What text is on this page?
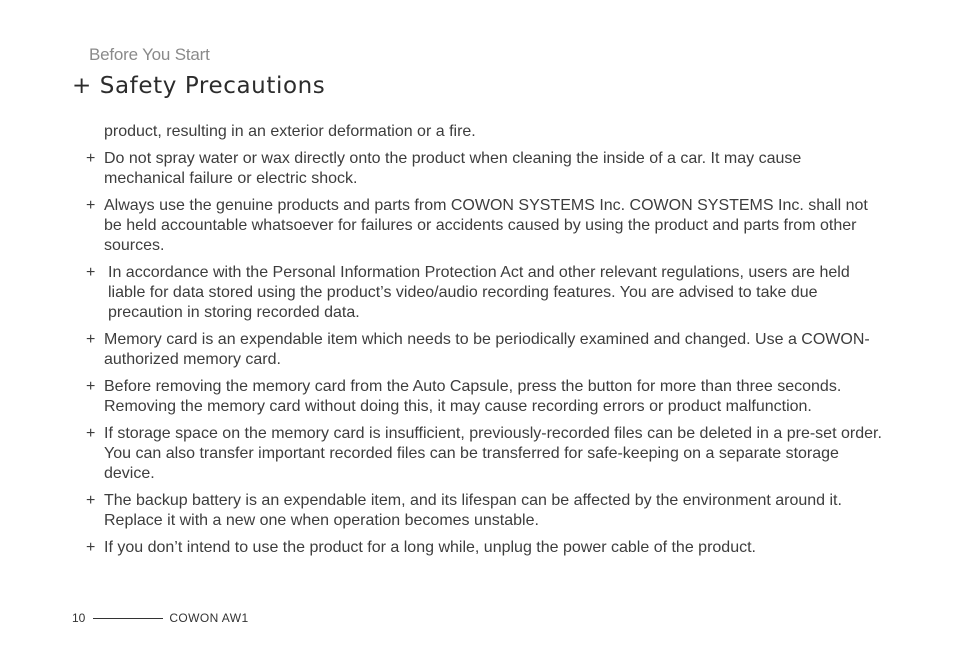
Before You Start
+ Safety Precautions

product, resulting in an exterior deformation or a fire.

+ Do not spray water or wax directly onto the product when cleaning the inside of a car. It may cause mechanical failure or electric shock.

+ Always use the genuine products and parts from COWON SYSTEMS Inc. COWON SYSTEMS Inc. shall not be held accountable whatsoever for failures or accidents caused by using the product and parts from other sources.

+ In accordance with the Personal Information Protection Act and other relevant regulations, users are held liable for data stored using the product’s video/audio recording features. You are advised to take due precaution in storing recorded data.

+ Memory card is an expendable item which needs to be periodically examined and changed. Use a COWON-authorized memory card.

+ Before removing the memory card from the Auto Capsule, press the button for more than three seconds. Removing the memory card without doing this, it may cause recording errors or product malfunction.

+ If storage space on the memory card is insufficient, previously-recorded files can be deleted in a pre-set order. You can also transfer important recorded files can be transferred for safe-keeping on a separate storage device.

+ The backup battery is an expendable item, and its lifespan can be affected by the environment around it. Replace it with a new one when operation becomes unstable.

+ If you don’t intend to use the product for a long while, unplug the power cable of the product.

10	COWON AW1
